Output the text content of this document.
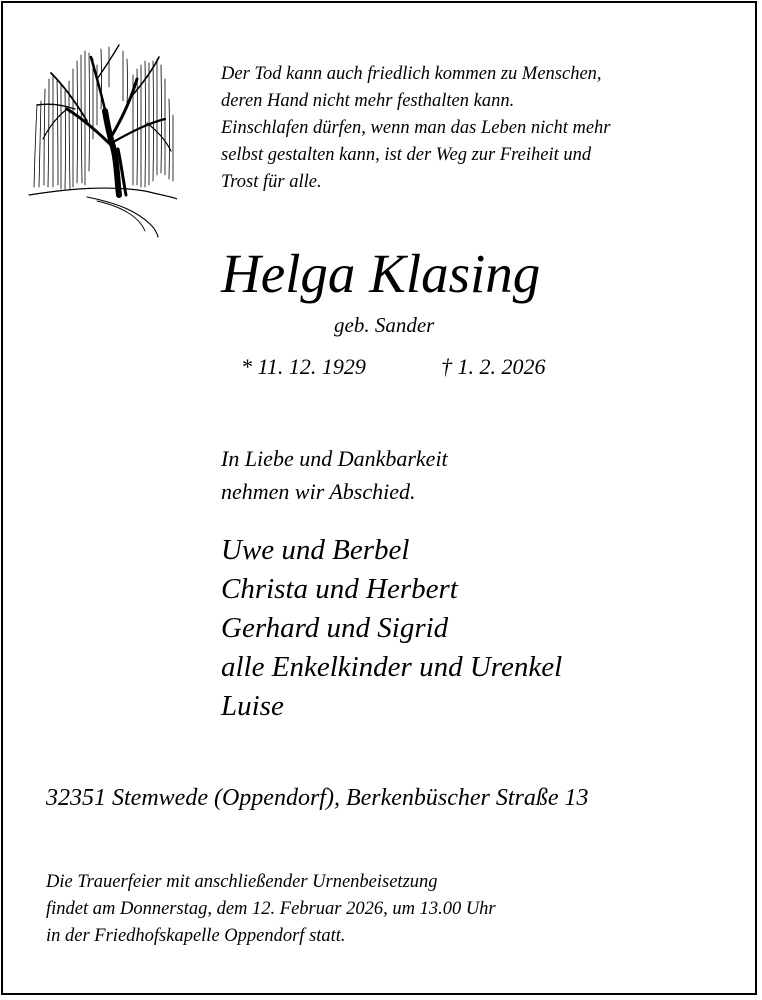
Der Tod kann auch friedlich kommen zu Menschen,
deren Hand nicht mehr festhalten kann.
Einschlafen dürfen, wenn man das Leben nicht mehr
selbst gestalten kann, ist der Weg zur Freiheit und
Trost für alle.
Helga Klasing
geb. Sander
* 11. 12. 1929	† 1. 2. 2026
In Liebe und Dankbarkeit
nehmen wir Abschied.
Uwe und Berbel
Christa und Herbert
Gerhard und Sigrid
alle Enkelkinder und Urenkel
Luise
32351 Stemwede (Oppendorf), Berkenbüscher Straße 13
Die Trauerfeier mit anschließender Urnenbeisetzung
findet am Donnerstag, dem 12. Februar 2026, um 13.00 Uhr
in der Friedhofskapelle Oppendorf statt.
